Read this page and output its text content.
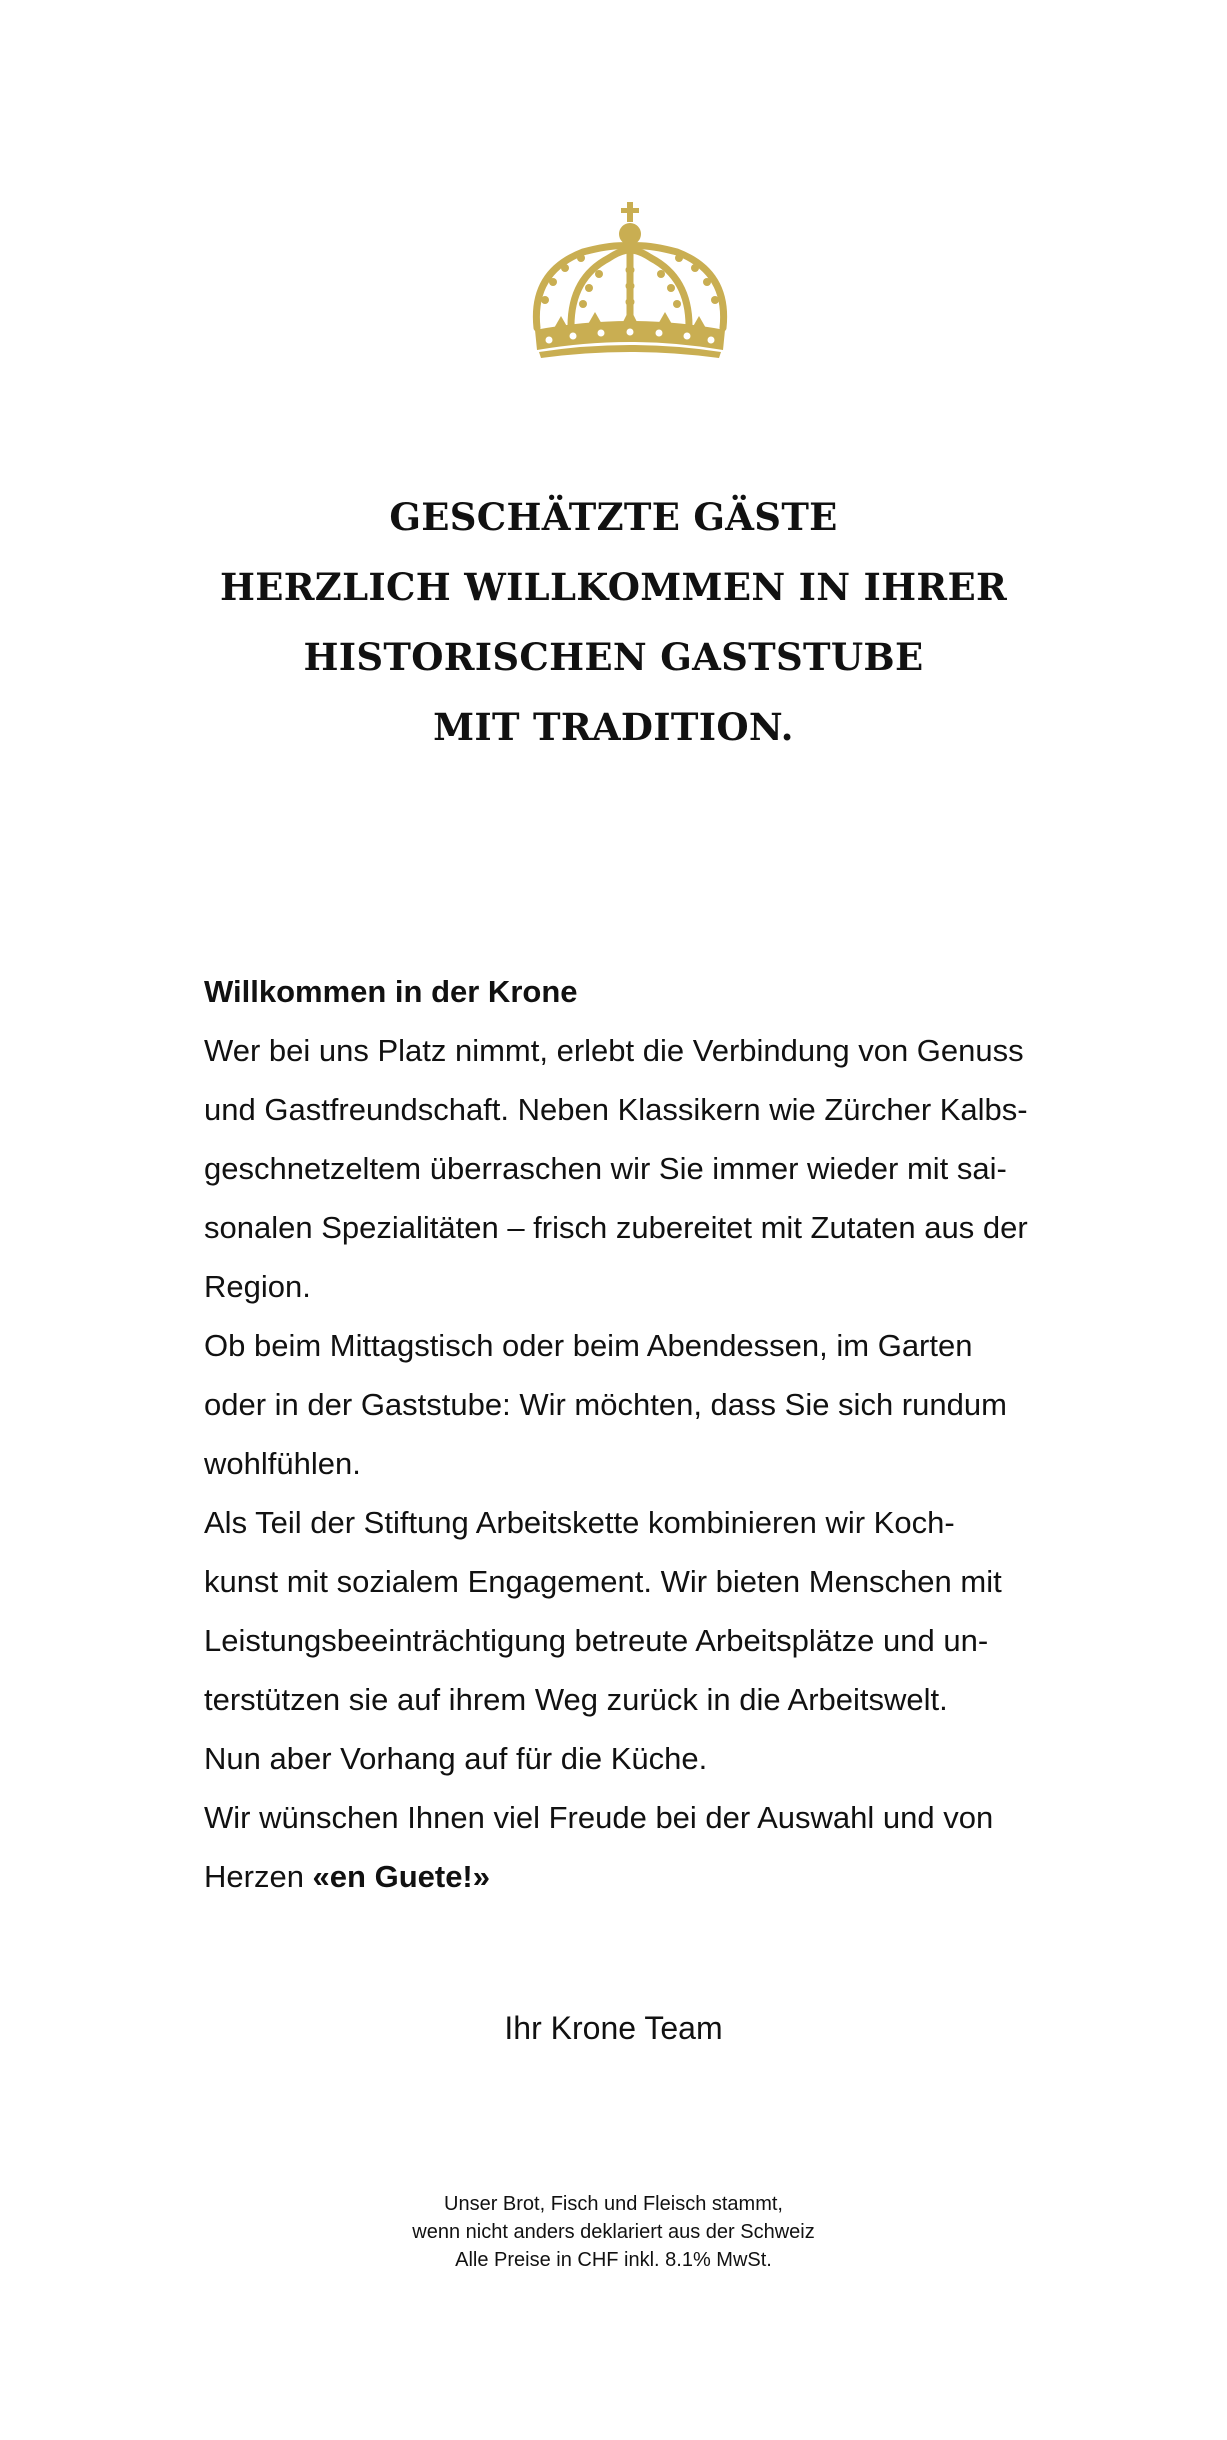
GESCHÄTZTE GÄSTE
HERZLICH WILLKOMMEN IN IHRER
HISTORISCHEN GASTSTUBE
MIT TRADITION.
Willkommen in der Krone
Wer bei uns Platz nimmt, erlebt die Verbindung von Genuss
und Gastfreundschaft. Neben Klassikern wie Zürcher Kalbs-
geschnetzeltem überraschen wir Sie immer wieder mit sai-
sonalen Spezialitäten – frisch zubereitet mit Zutaten aus der
Region.
Ob beim Mittagstisch oder beim Abendessen, im Garten
oder in der Gaststube: Wir möchten, dass Sie sich rundum
wohlfühlen.
Als Teil der Stiftung Arbeitskette kombinieren wir Koch-
kunst mit sozialem Engagement. Wir bieten Menschen mit
Leistungsbeeinträchtigung betreute Arbeitsplätze und un-
terstützen sie auf ihrem Weg zurück in die Arbeitswelt.
Nun aber Vorhang auf für die Küche.
Wir wünschen Ihnen viel Freude bei der Auswahl und von
Herzen «en Guete!»
Ihr Krone Team
Unser Brot, Fisch und Fleisch stammt,
wenn nicht anders deklariert aus der Schweiz
Alle Preise in CHF inkl. 8.1% MwSt.
